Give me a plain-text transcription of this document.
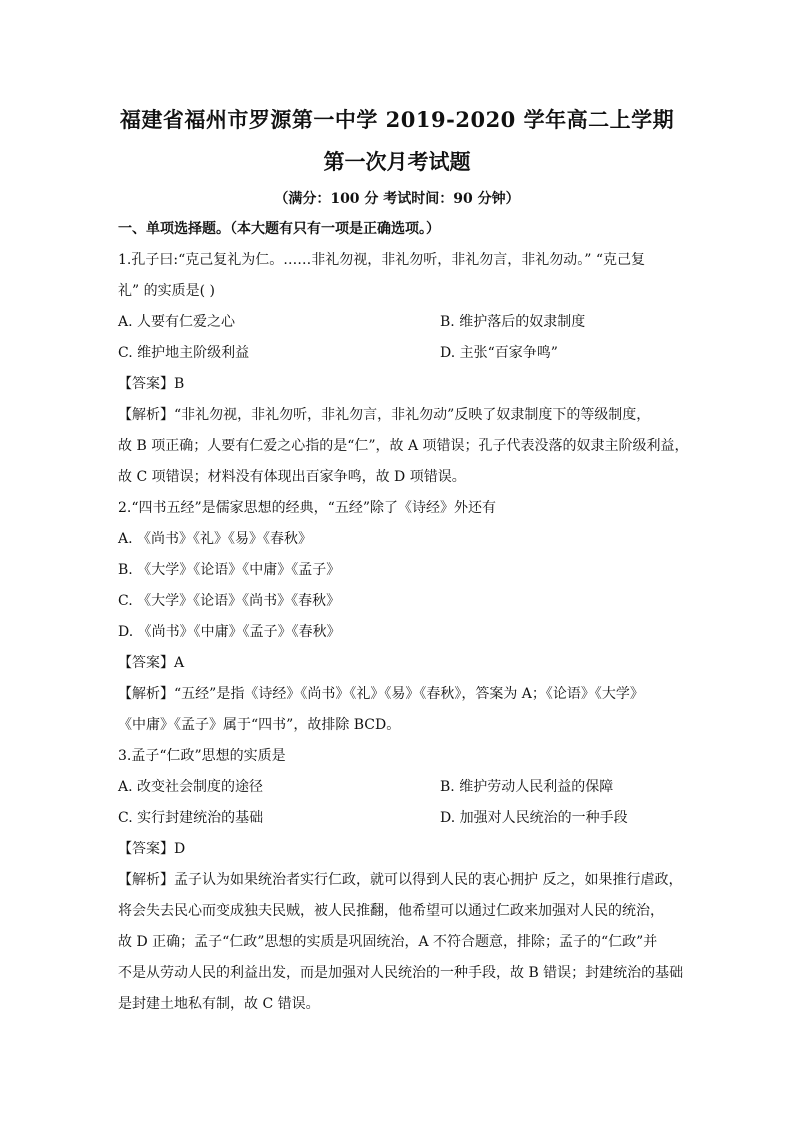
福建省福州市罗源第一中学 2019-2020 学年高二上学期
第一次月考试题
（满分：100 分 考试时间：90 分钟）
一、单项选择题。（本大题有只有一项是正确选项。）
1.孔子曰:“克己复礼为仁。……非礼勿视，非礼勿听，非礼勿言，非礼勿动。” “克己复
礼” 的实质是( )
A. 人要有仁爱之心	B. 维护落后的奴隶制度
C. 维护地主阶级利益	D. 主张“百家争鸣”
【答案】B
【解析】“非礼勿视，非礼勿听，非礼勿言，非礼勿动”反映了奴隶制度下的等级制度，
故 B 项正确；人要有仁爱之心指的是“仁”，故 A 项错误；孔子代表没落的奴隶主阶级利益，
故 C 项错误；材料没有体现出百家争鸣，故 D 项错误。
2.“四书五经”是儒家思想的经典，“五经”除了《诗经》外还有
A. 《尚书》《礼》《易》《春秋》
B. 《大学》《论语》《中庸》《孟子》
C. 《大学》《论语》《尚书》《春秋》
D. 《尚书》《中庸》《孟子》《春秋》
【答案】A
【解析】“五经”是指《诗经》《尚书》《礼》《易》《春秋》，答案为 A；《论语》《大学》
《中庸》《孟子》属于“四书”，故排除 BCD。
3.孟子“仁政”思想的实质是
A. 改变社会制度的途径	B. 维护劳动人民利益的保障
C. 实行封建统治的基础	D. 加强对人民统治的一种手段
【答案】D
【解析】孟子认为如果统治者实行仁政，就可以得到人民的衷心拥护 反之，如果推行虐政，
将会失去民心而变成独夫民贼，被人民推翻，他希望可以通过仁政来加强对人民的统治，
故 D 正确；孟子“仁政”思想的实质是巩固统治，A 不符合题意，排除；孟子的“仁政”并
不是从劳动人民的利益出发，而是加强对人民统治的一种手段，故 B 错误；封建统治的基础
是封建土地私有制，故 C 错误。
